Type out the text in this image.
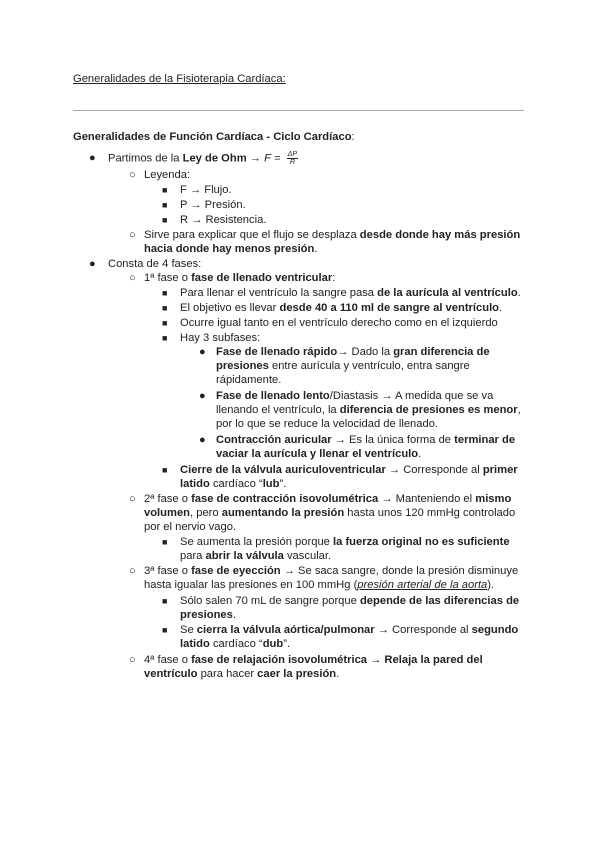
Generalidades de la Fisioterapia Cardíaca:
Generalidades de Función Cardíaca - Ciclo Cardíaco:
● Partimos de la Ley de Ohm → $F = \frac{\Delta P}{R}$
○ Leyenda:
■ F → Flujo.
■ P → Presión.
■ R → Resistencia.
○ Sirve para explicar que el flujo se desplaza desde donde hay más presión
hacia donde hay menos presión.
● Consta de 4 fases:
○ 1ª fase o fase de llenado ventricular:
■ Para llenar el ventrículo la sangre pasa de la aurícula al ventrículo.
■ El objetivo es llevar desde 40 a 110 ml de sangre al ventrículo.
■ Ocurre igual tanto en el ventrículo derecho como en el izquierdo
■ Hay 3 subfases:
● Fase de llenado rápido→ Dado la gran diferencia de
presiones entre aurícula y ventrículo, entra sangre
rápidamente.
● Fase de llenado lento/Diastasis → A medida que se va
llenando el ventrículo, la diferencia de presiones es menor,
por lo que se reduce la velocidad de llenado.
● Contracción auricular → Es la única forma de terminar de
vaciar la aurícula y llenar el ventrículo.
■ Cierre de la válvula auriculoventricular → Corresponde al primer
latido cardíaco “lub”.
○ 2ª fase o fase de contracción isovolumétrica → Manteniendo el mismo
volumen, pero aumentando la presión hasta unos 120 mmHg controlado
por el nervio vago.
■ Se aumenta la presión porque la fuerza original no es suficiente
para abrir la válvula vascular.
○ 3ª fase o fase de eyección → Se saca sangre, donde la presión disminuye
hasta igualar las presiones en 100 mmHg (presión arterial de la aorta).
■ Sólo salen 70 mL de sangre porque depende de las diferencias de
presiones.
■ Se cierra la válvula aórtica/pulmonar → Corresponde al segundo
latido cardíaco “dub”.
○ 4ª fase o fase de relajación isovolumétrica → Relaja la pared del
ventrículo para hacer caer la presión.
